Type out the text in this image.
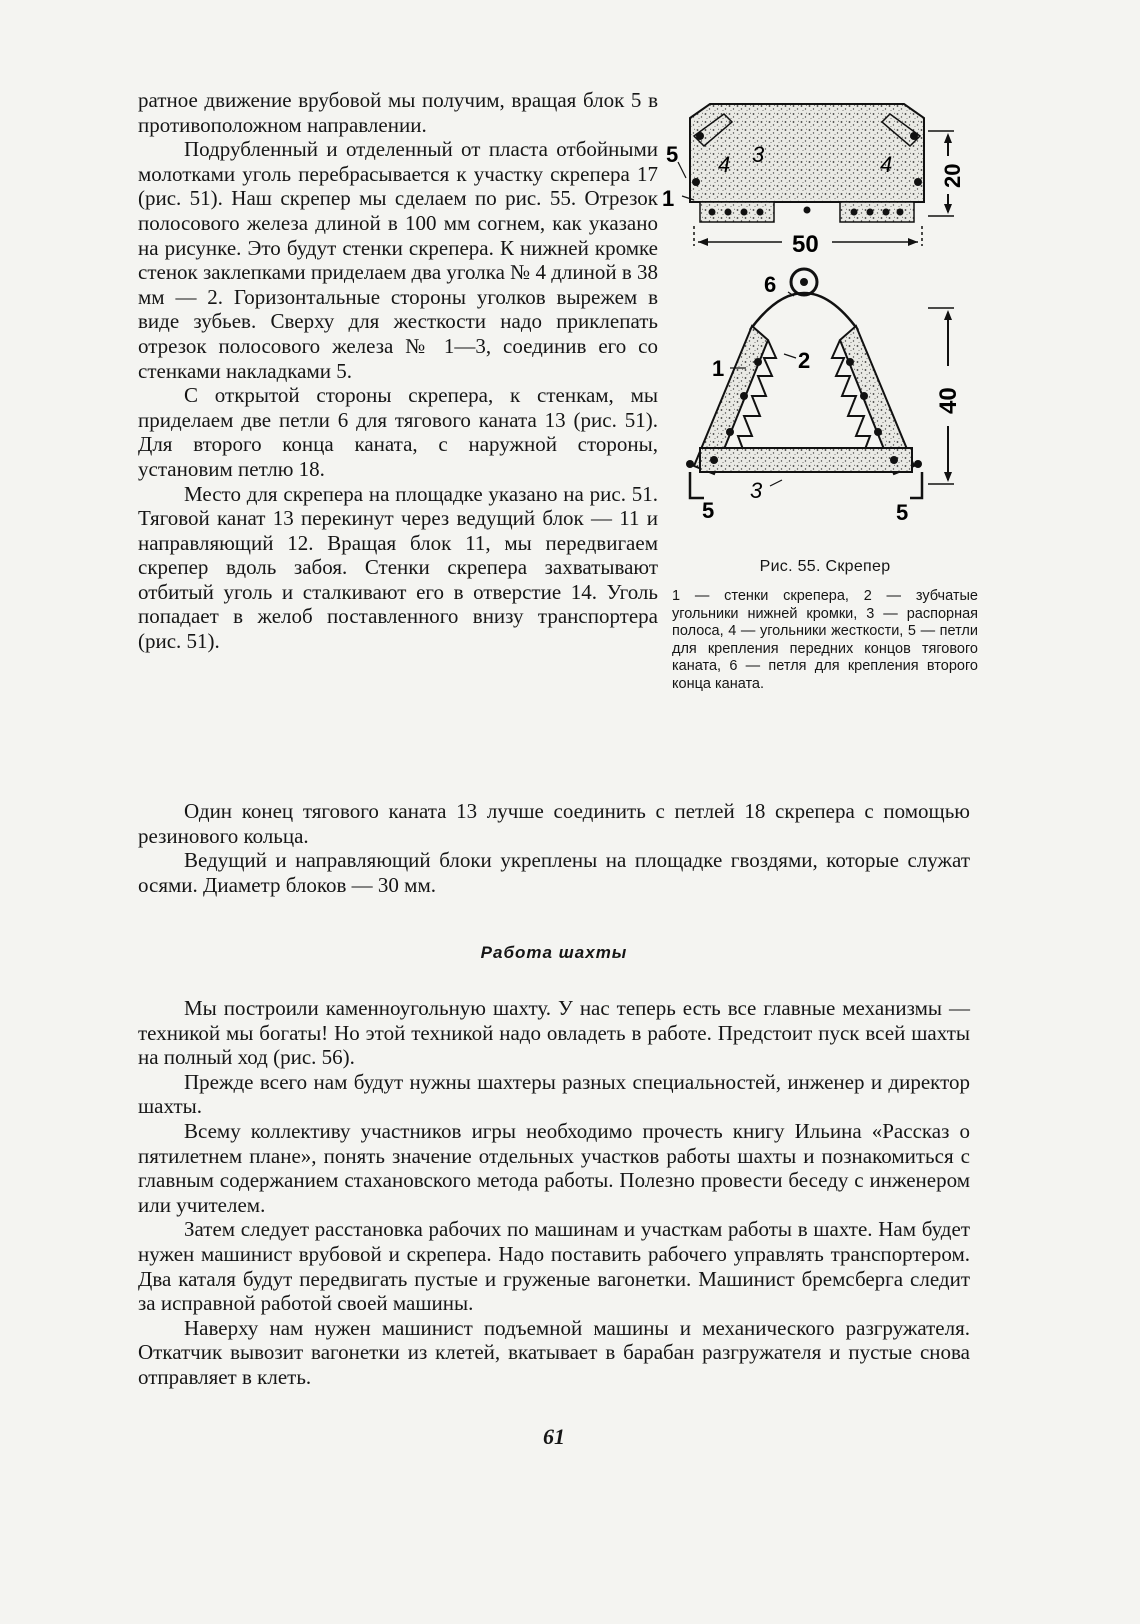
ратное движение врубовой мы получим, вращая блок 5 в противоположном направлении.

Подрубленный и отделенный от пласта отбойными молотками уголь перебрасывается к участку скрепера 17 (рис. 51). Наш скрепер мы сделаем по рис. 55. Отрезок полосового железа длиной в 100 мм согнем, как указано на рисунке. Это будут стенки скрепера. К нижней кромке стенок заклепками приделаем два уголка № 4 длиной в 38 мм — 2. Горизонтальные стороны уголков вырежем в виде зубьев. Сверху для жесткости надо приклепать отрезок полосового железа № 1—3, соединив его со стенками накладками 5.

С открытой стороны скрепера, к стенкам, мы приделаем две петли 6 для тягового каната 13 (рис. 51). Для второго конца каната, с наружной стороны, установим петлю 18.

Место для скрепера на площадке указано на рис. 51. Тяговой канат 13 перекинут через ведущий блок — 11 и направляющий 12. Вращая блок 11, мы передвигаем скрепер вдоль забоя. Стенки скрепера захватывают отбитый уголь и сталкивают его в отверстие 14. Уголь попадает в желоб поставленного внизу транспортера (рис. 51).

5 4 3	4
1
20
50
6
1	2
3
5	5
40
Рис. 55. Скрепер
1 — стенки скрепера, 2 — зубчатые угольники нижней кромки, 3 — распорная полоса, 4 — угольники жесткости, 5 — петли для крепления передних концов тягового каната, 6 — петля для крепления второго конца каната.

Один конец тягового каната 13 лучше соединить с петлей 18 скрепера с помощью резинового кольца.

Ведущий и направляющий блоки укреплены на площадке гвоздями, которые служат осями. Диаметр блоков — 30 мм.

Работа шахты

Мы построили каменноугольную шахту. У нас теперь есть все главные механизмы — техникой мы богаты! Но этой техникой надо овладеть в работе. Предстоит пуск всей шахты на полный ход (рис. 56).

Прежде всего нам будут нужны шахтеры разных специальностей, инженер и директор шахты.

Всему коллективу участников игры необходимо прочесть книгу Ильина «Рассказ о пятилетнем плане», понять значение отдельных участков работы шахты и познакомиться с главным содержанием стахановского метода работы. Полезно провести беседу с инженером или учителем.

Затем следует расстановка рабочих по машинам и участкам работы в шахте. Нам будет нужен машинист врубовой и скрепера. Надо поставить рабочего управлять транспортером. Два каталя будут передвигать пустые и груженые вагонетки. Машинист бремсберга следит за исправной работой своей машины.

Наверху нам нужен машинист подъемной машины и механического разгружателя. Откатчик вывозит вагонетки из клетей, вкатывает в барабан разгружателя и пустые снова отправляет в клеть.

61
